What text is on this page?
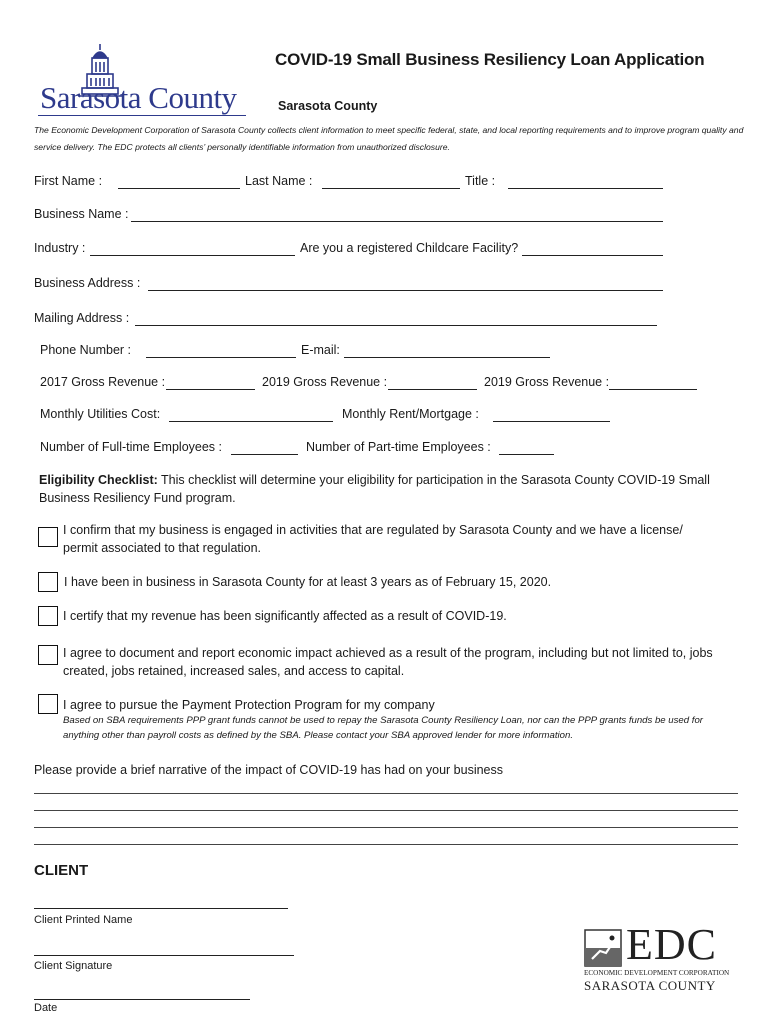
Sarasota County
COVID-19 Small Business Resiliency Loan Application
Sarasota County
The Economic Development Corporation of Sarasota County collects client information to meet specific federal, state, and local reporting requirements and to improve program quality and service delivery. The EDC protects all clients’ personally identifiable information from unauthorized disclosure.
First Name :	Last Name :	Title :
Business Name :
Industry :	Are you a registered Childcare Facility?
Business Address :
Mailing Address :
Phone Number :	E-mail:
2017 Gross Revenue :	2019 Gross Revenue :	2019 Gross Revenue :
Monthly Utilities Cost:	Monthly Rent/Mortgage :
Number of Full-time Employees :	Number of Part-time Employees :
Eligibility Checklist: This checklist will determine your eligibility for participation in the Sarasota County COVID-19 Small Business Resiliency Fund program.
I confirm that my business is engaged in activities that are regulated by Sarasota County and we have a license/ permit associated to that regulation.
I have been in business in Sarasota County for at least 3 years as of February 15, 2020.
I certify that my revenue has been significantly affected as a result of COVID-19.
I agree to document and report economic impact achieved as a result of the program, including but not limited to, jobs created, jobs retained, increased sales, and access to capital.
I agree to pursue the Payment Protection Program for my company
Based on SBA requirements PPP grant funds cannot be used to repay the Sarasota County Resiliency Loan, nor can the PPP grants funds be used for anything other than payroll costs as defined by the SBA. Please contact your SBA approved lender for more information.
Please provide a brief narrative of the impact of COVID-19 has had on your business
CLIENT
Client Printed Name
Client Signature
Date
EDC
ECONOMIC DEVELOPMENT CORPORATION
SARASOTA COUNTY
